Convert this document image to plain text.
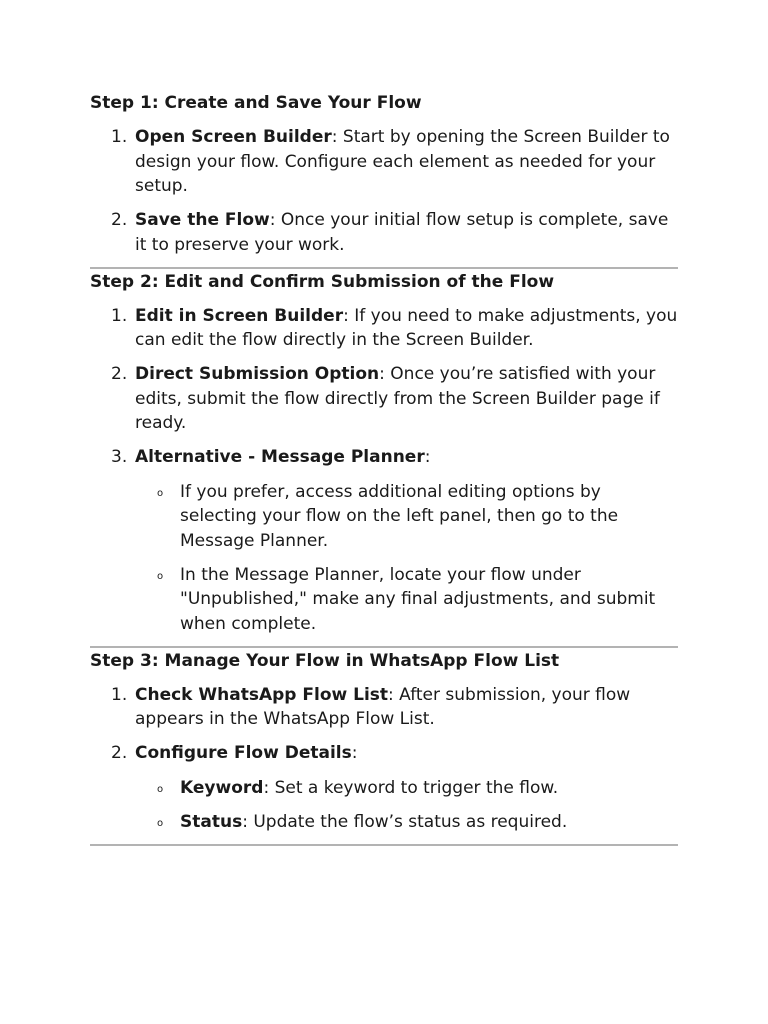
Step 1: Create and Save Your Flow
1. Open Screen Builder: Start by opening the Screen Builder to design your flow. Configure each element as needed for your setup.
2. Save the Flow: Once your initial flow setup is complete, save it to preserve your work.
Step 2: Edit and Confirm Submission of the Flow
1. Edit in Screen Builder: If you need to make adjustments, you can edit the flow directly in the Screen Builder.
2. Direct Submission Option: Once you’re satisfied with your edits, submit the flow directly from the Screen Builder page if ready.
3. Alternative - Message Planner:
o If you prefer, access additional editing options by selecting your flow on the left panel, then go to the Message Planner.
o In the Message Planner, locate your flow under "Unpublished," make any final adjustments, and submit when complete.
Step 3: Manage Your Flow in WhatsApp Flow List
1. Check WhatsApp Flow List: After submission, your flow appears in the WhatsApp Flow List.
2. Configure Flow Details:
o Keyword: Set a keyword to trigger the flow.
o Status: Update the flow’s status as required.
